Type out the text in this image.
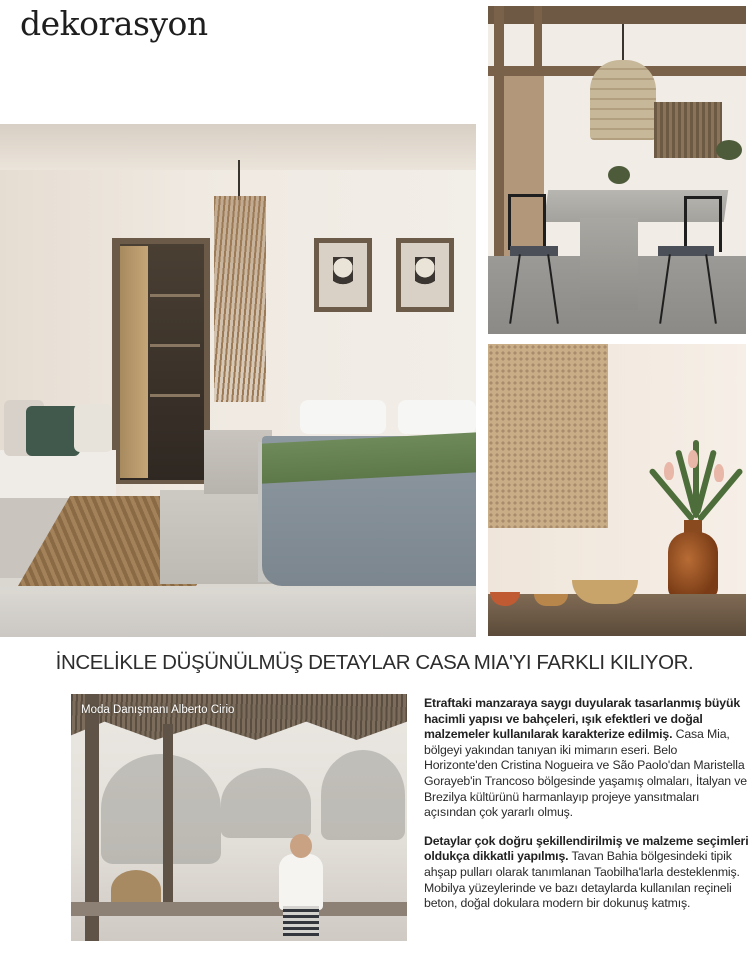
dekorasyon
İNCELİKLE DÜŞÜNÜLMÜŞ DETAYLAR CASA MIA'YI FARKLI KILIYOR.
Moda Danışmanı Alberto Cirio	Etraftaki manzaraya saygı duyularak tasarlanmış büyük hacimli yapısı ve bahçeleri, ışık efektleri ve doğal malzemeler kullanılarak karakterize edilmiş. Casa Mia, bölgeyi yakından tanıyan iki mimarın eseri. Belo Horizonte'den Cristina Nogueira ve São Paolo'dan Maristella Gorayeb'in Trancoso bölgesinde yaşamış olmaları, İtalyan ve Brezilya kültürünü harmanlayıp projeye yansıtmaları açısından çok yararlı olmuş.

Detaylar çok doğru şekillendirilmiş ve malzeme seçimleri oldukça dikkatli yapılmış. Tavan Bahia bölgesindeki tipik ahşap pulları olarak tanımlanan Taobilha'larla desteklenmiş. Mobilya yüzeylerinde ve bazı detaylarda kullanılan reçineli beton, doğal dokulara modern bir dokunuş katmış.
